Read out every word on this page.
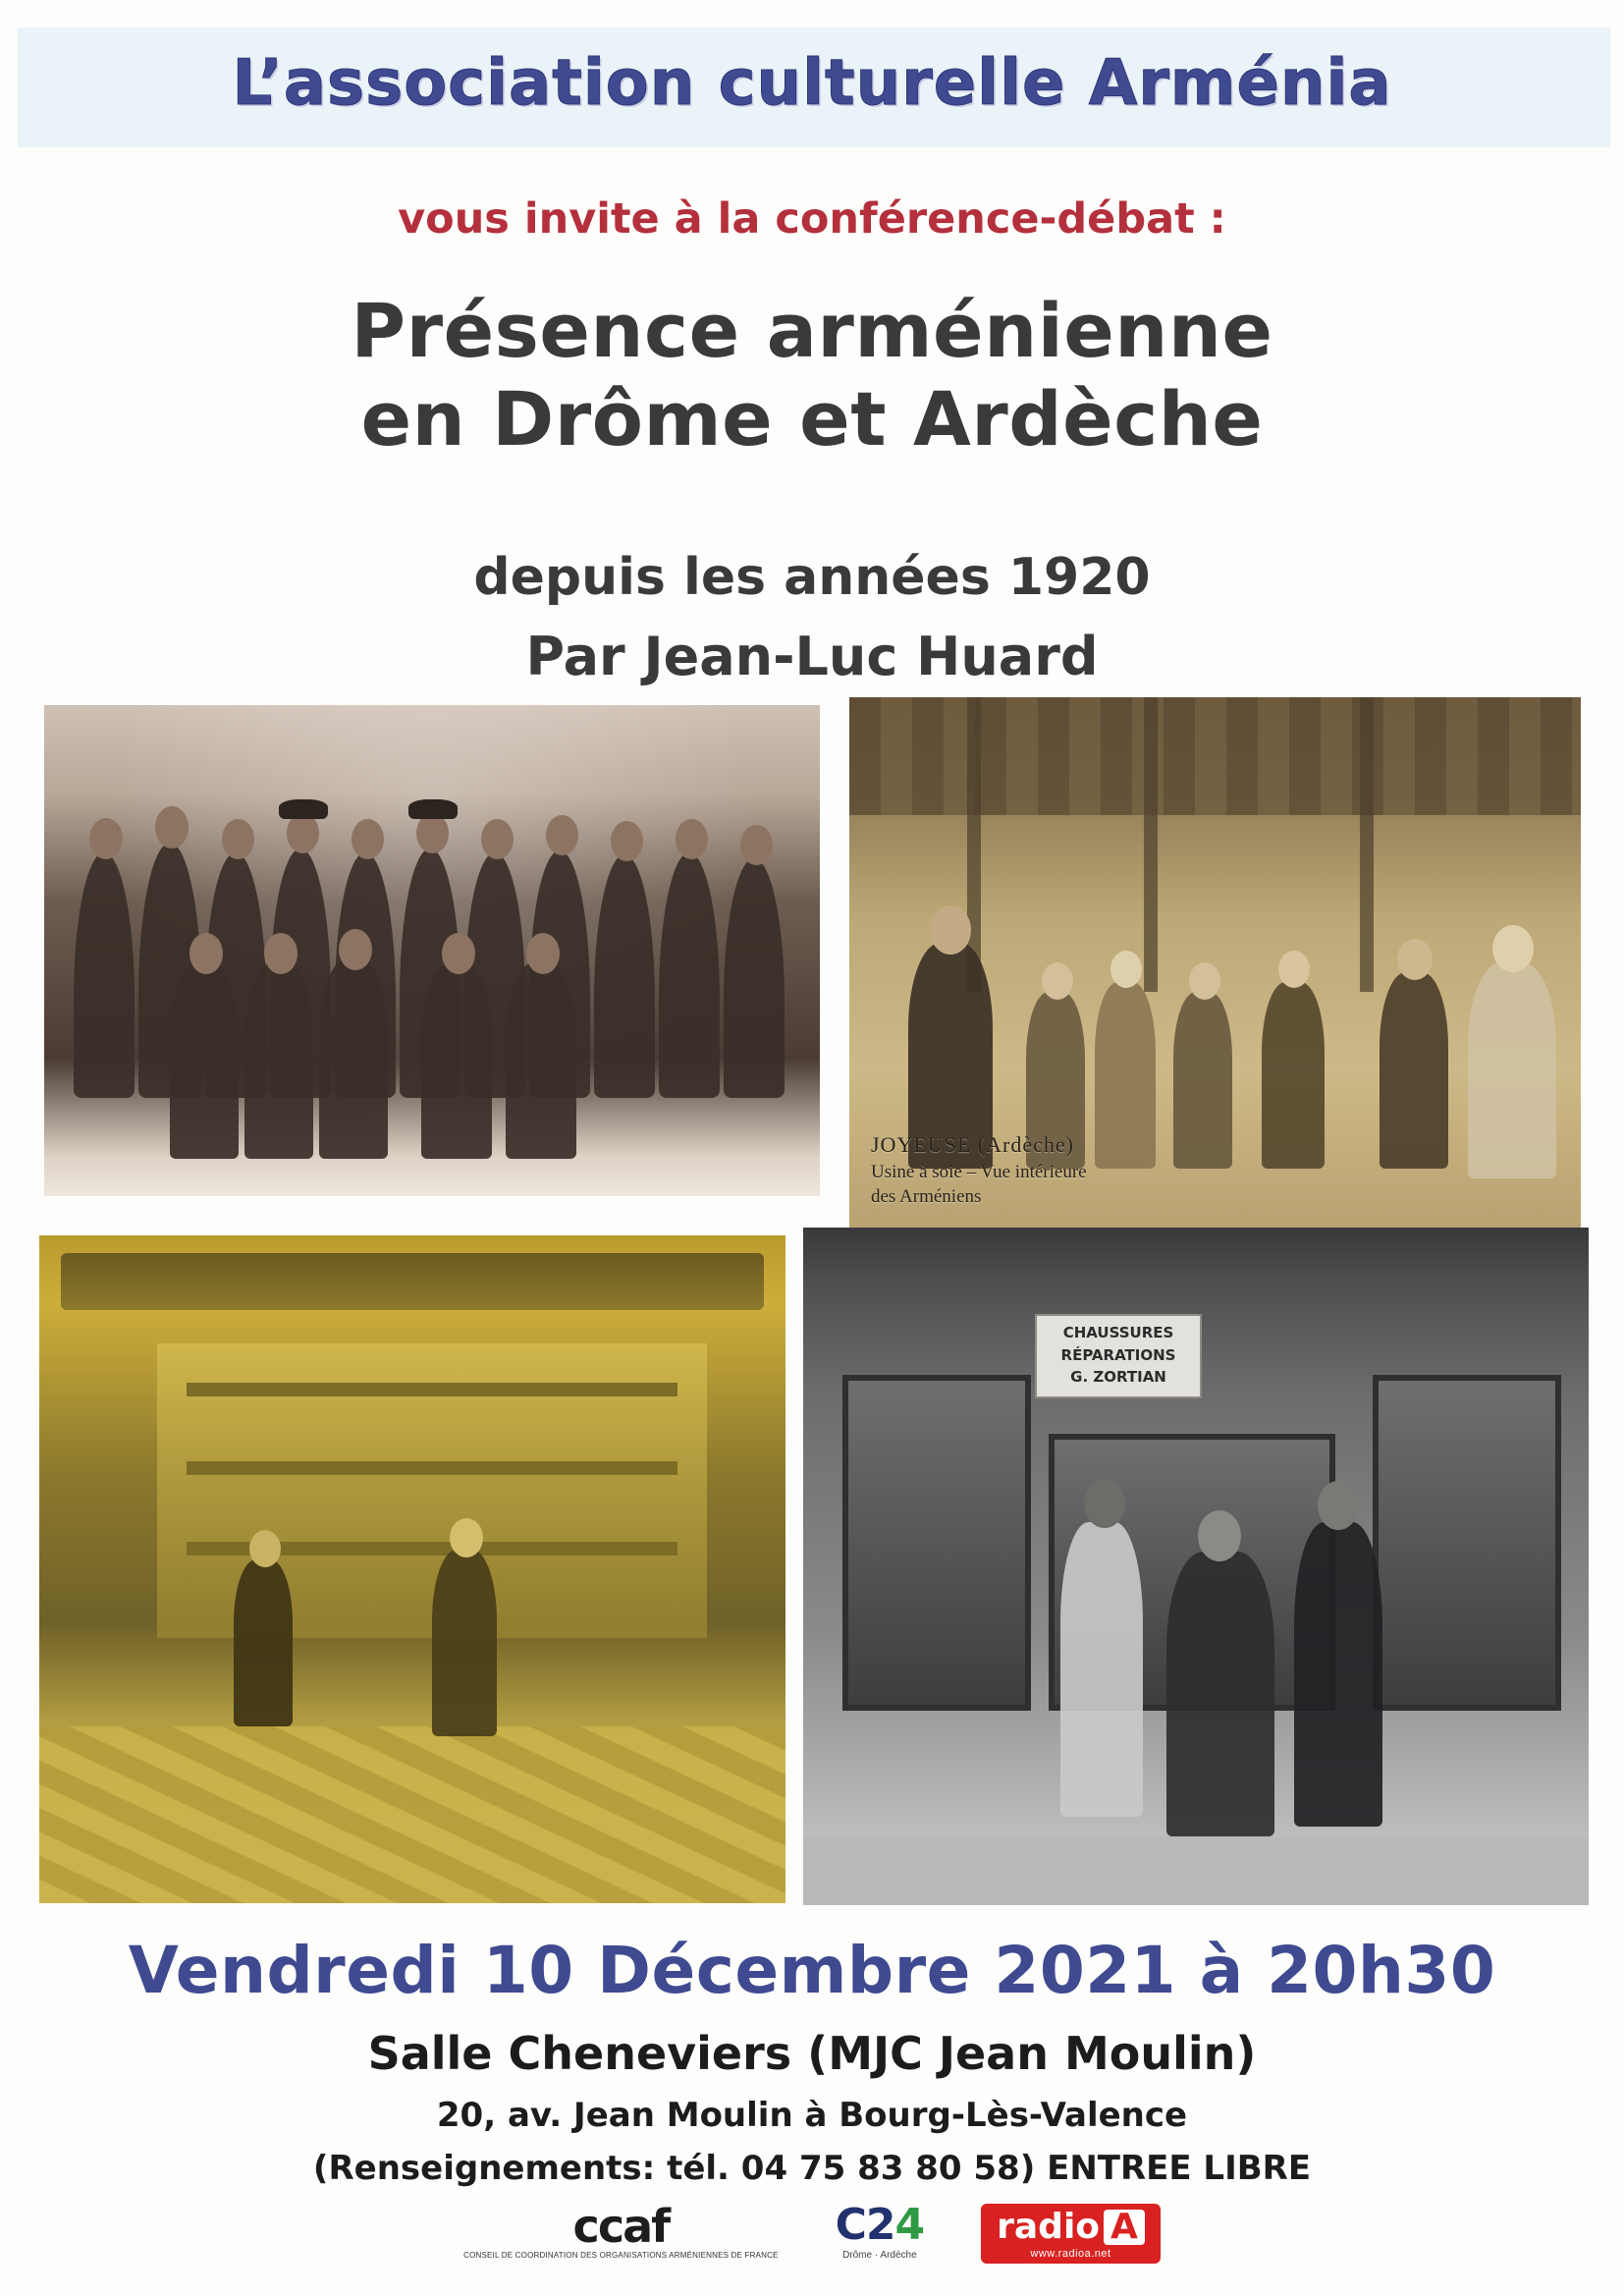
L’association culturelle Arménia
vous invite à la conférence-débat :
Présence arménienne
en Drôme et Ardèche
depuis les années 1920
Par Jean-Luc Huard
JOYEUSE (Ardèche)
Usine à soie – Vue intérieure
des Arméniens
CHAUSSURES
RÉPARATIONS
G. ZORTIAN
Vendredi 10 Décembre 2021 à 20h30
Salle Cheneviers (MJC Jean Moulin)
20, av. Jean Moulin à Bourg-Lès-Valence
(Renseignements: tél. 04 75 83 80 58) ENTREE LIBRE
ccaf
CONSEIL DE COORDINATION DES ORGANISATIONS ARMÉNIENNES DE FRANCE
C24
Drôme · Ardèche
radio A
www.radioa.net
